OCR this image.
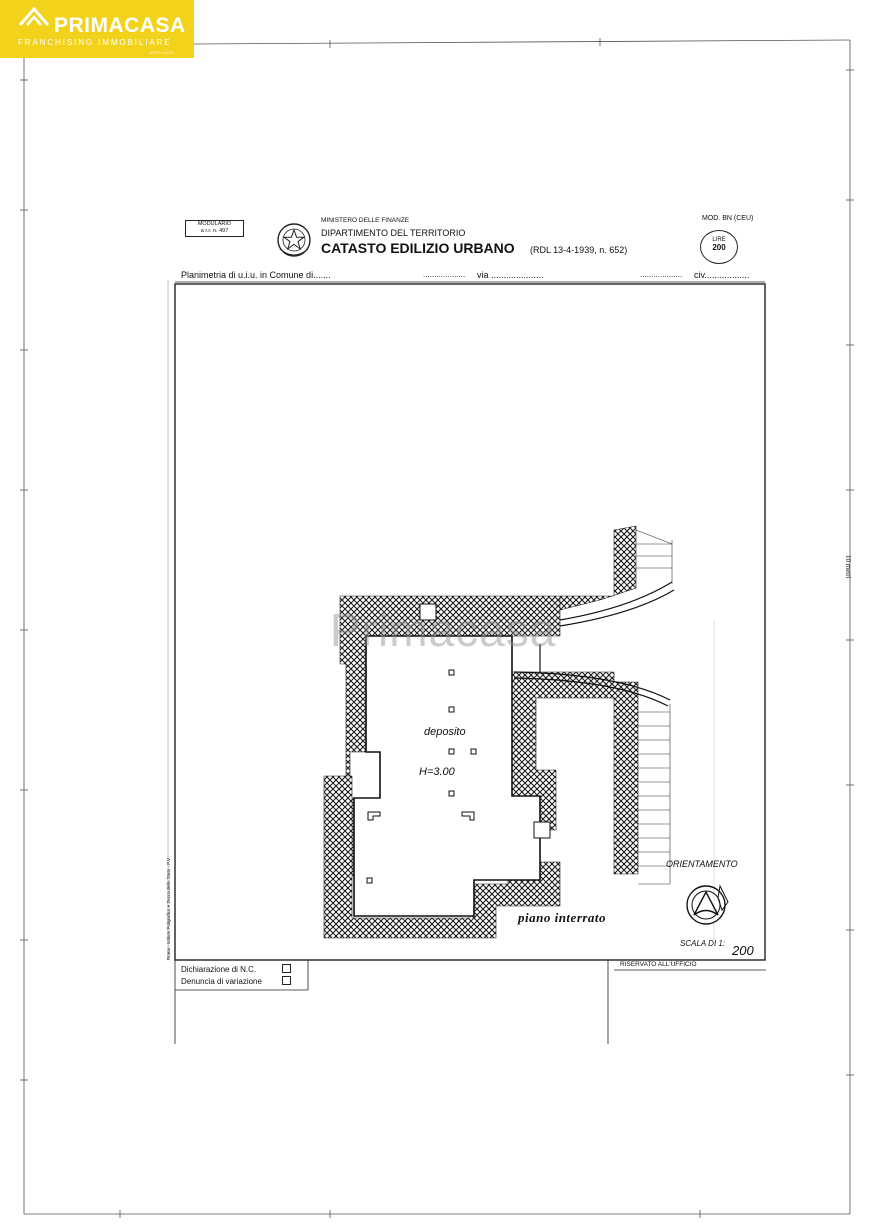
PRIMACASA
FRANCHISING IMMOBILIARE
AFFILIATO
MODULARIO
a r.r. n. 497
MINISTERO DELLE FINANZE
DIPARTIMENTO DEL TERRITORIO
CATASTO EDILIZIO URBANO (RDL 13-4-1939, n. 652)
MOD. BN (CEU)
LIRE
200
Planimetria di u.i.u. in Comune di.......	................... via .....................	................... civ..................
deposito
H=3.00
piano interrato
ORIENTAMENTO
SCALA DI 1: 200
Dichiarazione di N.C.
Denuncia di variazione
RISERVATO ALL'UFFICIO
Roma - Istituto Poligrafico e Zecca dello Stato - P.V.
10 metri
Primacasa
